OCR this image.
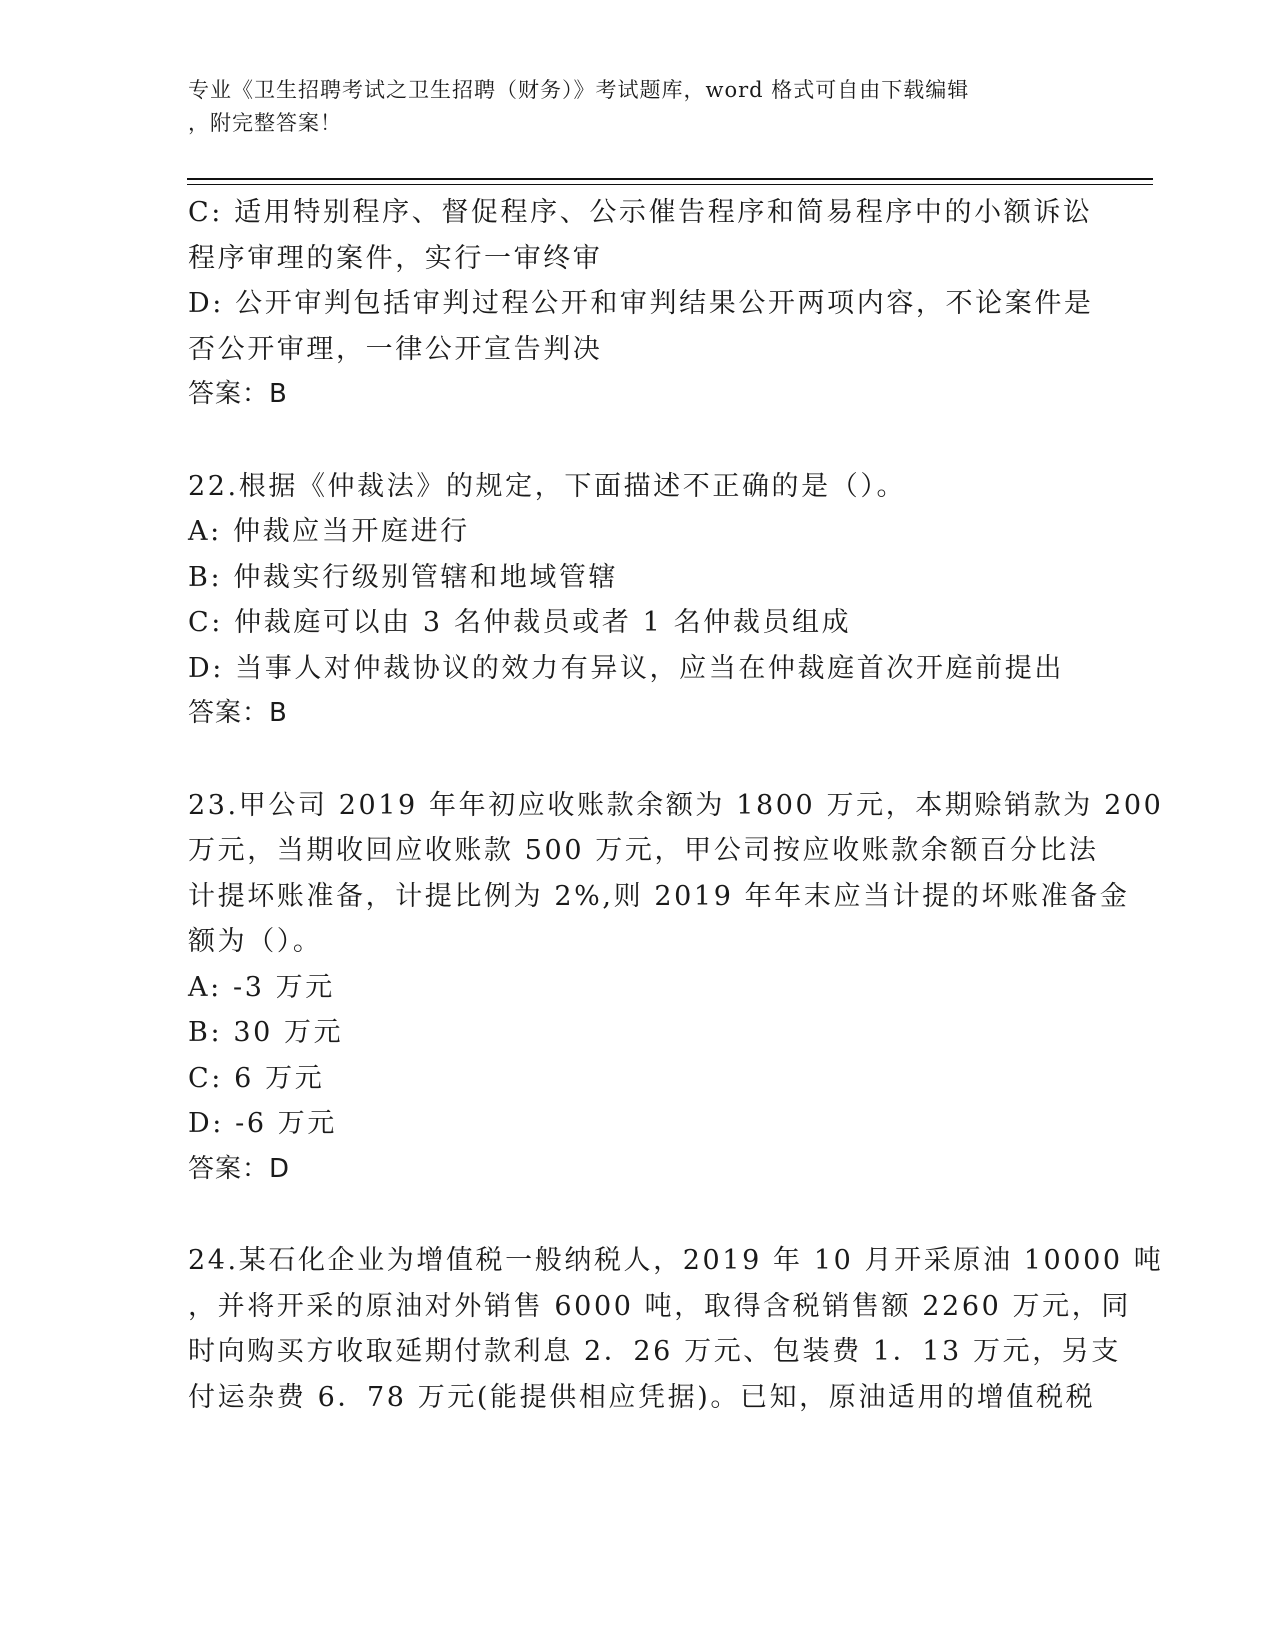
专业《卫生招聘考试之卫生招聘（财务）》考试题库，word 格式可自由下载编辑
，附完整答案！
C: 适用特别程序、督促程序、公示催告程序和简易程序中的小额诉讼
程序审理的案件，实行一审终审
D: 公开审判包括审判过程公开和审判结果公开两项内容，不论案件是
否公开审理，一律公开宣告判决
答案：B
22.根据《仲裁法》的规定，下面描述不正确的是（）。
A: 仲裁应当开庭进行
B: 仲裁实行级别管辖和地域管辖
C: 仲裁庭可以由 3 名仲裁员或者 1 名仲裁员组成
D: 当事人对仲裁协议的效力有异议，应当在仲裁庭首次开庭前提出
答案：B
23.甲公司 2019 年年初应收账款余额为 1800 万元，本期赊销款为 200
万元，当期收回应收账款 500 万元，甲公司按应收账款余额百分比法
计提坏账准备，计提比例为 2%,则 2019 年年末应当计提的坏账准备金
额为（）。
A: -3 万元
B: 30 万元
C: 6 万元
D: -6 万元
答案：D
24.某石化企业为增值税一般纳税人，2019 年 10 月开采原油 10000 吨
，并将开采的原油对外销售 6000 吨，取得含税销售额 2260 万元，同
时向购买方收取延期付款利息 2．26 万元、包装费 1．13 万元，另支
付运杂费 6．78 万元(能提供相应凭据)。已知，原油适用的增值税税
